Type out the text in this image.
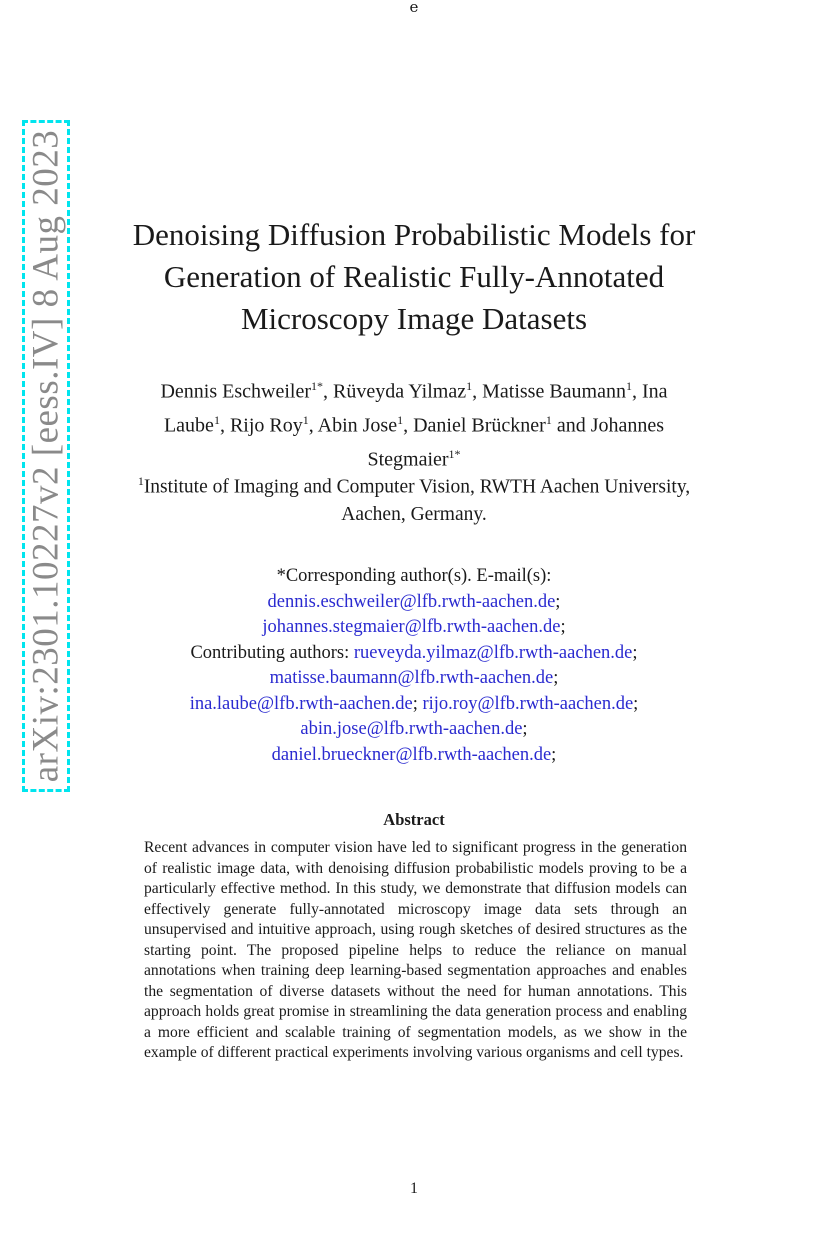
e
arXiv:2301.10227v2 [eess.IV] 8 Aug 2023	Denoising Diffusion Probabilistic Models for
Generation of Realistic Fully-Annotated
Microscopy Image Datasets
Dennis Eschweiler$^{1*}$, Rüveyda Yilmaz$^1$, Matisse Baumann$^1$, Ina Laube$^1$, Rijo Roy$^1$, Abin Jose$^1$, Daniel Brückner$^1$ and Johannes Stegmaier$^{1*}$
$^1$Institute of Imaging and Computer Vision, RWTH Aachen University, Aachen, Germany.
*Corresponding author(s). E-mail(s):
dennis.eschweiler@lfb.rwth-aachen.de;
johannes.stegmaier@lfb.rwth-aachen.de;
Contributing authors: rueveyda.yilmaz@lfb.rwth-aachen.de;
matisse.baumann@lfb.rwth-aachen.de;
ina.laube@lfb.rwth-aachen.de; rijo.roy@lfb.rwth-aachen.de;
abin.jose@lfb.rwth-aachen.de;
daniel.brueckner@lfb.rwth-aachen.de;
Abstract
Recent advances in computer vision have led to significant progress in the generation of realistic image data, with denoising diffusion probabilistic models proving to be a particularly effective method. In this study, we demonstrate that diffusion models can effectively generate fully-annotated microscopy image data sets through an unsupervised and intuitive approach, using rough sketches of desired structures as the starting point. The proposed pipeline helps to reduce the reliance on manual annotations when training deep learning-based segmentation approaches and enables the segmentation of diverse datasets without the need for human annotations. This approach holds great promise in streamlining the data generation process and enabling a more efficient and scalable training of segmentation models, as we show in the example of different practical experiments involving various organisms and cell types.
1
